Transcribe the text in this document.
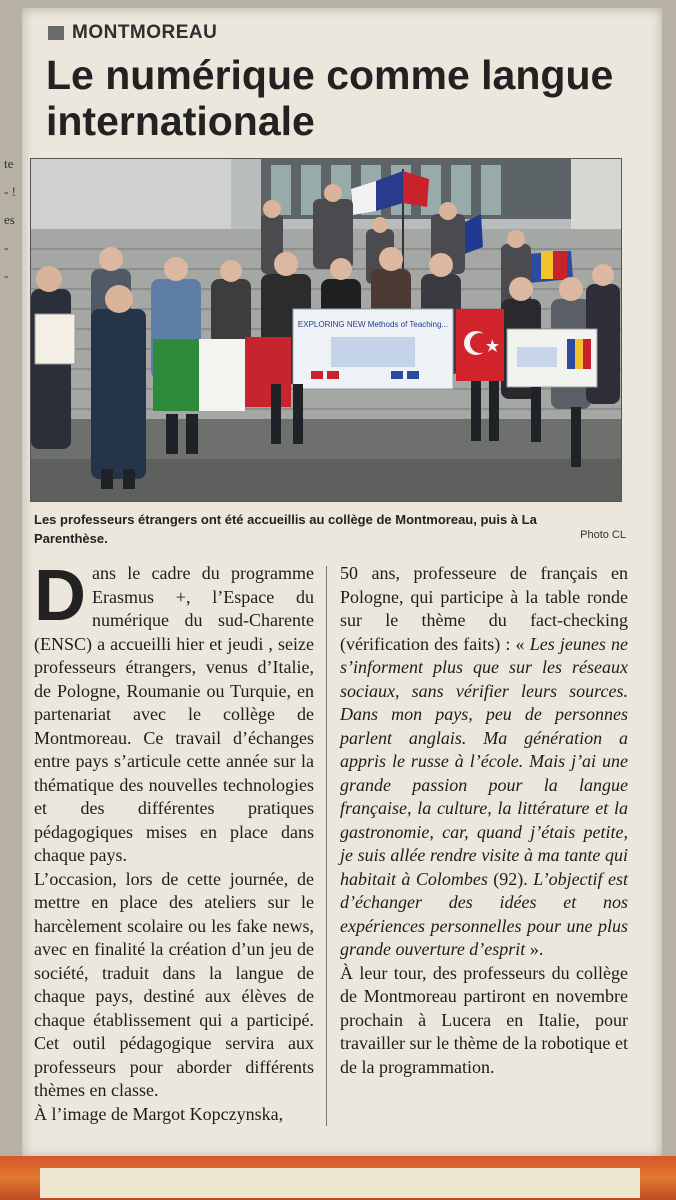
te
- !
es
-
-
MONTMOREAU
Le numérique comme langue internationale
EXPLORING NEW Methods of Teaching...
Les professeurs étrangers ont été accueillis au collège de Montmoreau, puis à La Parenthèse.	Photo CL

Dans le cadre du programme Erasmus +, l’Espace du numérique du sud-Charente (ENSC) a accueilli hier et jeudi , seize professeurs étrangers, venus d’Italie, de Pologne, Roumanie ou Turquie, en partenariat avec le collège de Montmoreau. Ce travail d’échanges entre pays s’articule cette année sur la thématique des nouvelles technologies et des différentes pratiques pédagogiques mises en place dans chaque pays.

L’occasion, lors de cette journée, de mettre en place des ateliers sur le harcèlement scolaire ou les fake news, avec en finalité la création d’un jeu de société, traduit dans la langue de chaque pays, destiné aux élèves de chaque établissement qui a participé. Cet outil pédagogique servira aux professeurs pour aborder différents thèmes en classe.

À l’image de Margot Kopczynska,

50 ans, professeure de français en Pologne, qui participe à la table ronde sur le thème du fact-checking (vérification des faits) : « Les jeunes ne s’informent plus que sur les réseaux sociaux, sans vérifier leurs sources. Dans mon pays, peu de personnes parlent anglais. Ma génération a appris le russe à l’école. Mais j’ai une grande passion pour la langue française, la culture, la littérature et la gastronomie, car, quand j’étais petite, je suis allée rendre visite à ma tante qui habitait à Colombes (92). L’objectif est d’échanger des idées et nos expériences personnelles pour une plus grande ouverture d’esprit ».

À leur tour, des professeurs du collège de Montmoreau partiront en novembre prochain à Lucera en Italie, pour travailler sur le thème de la robotique et de la programmation.
